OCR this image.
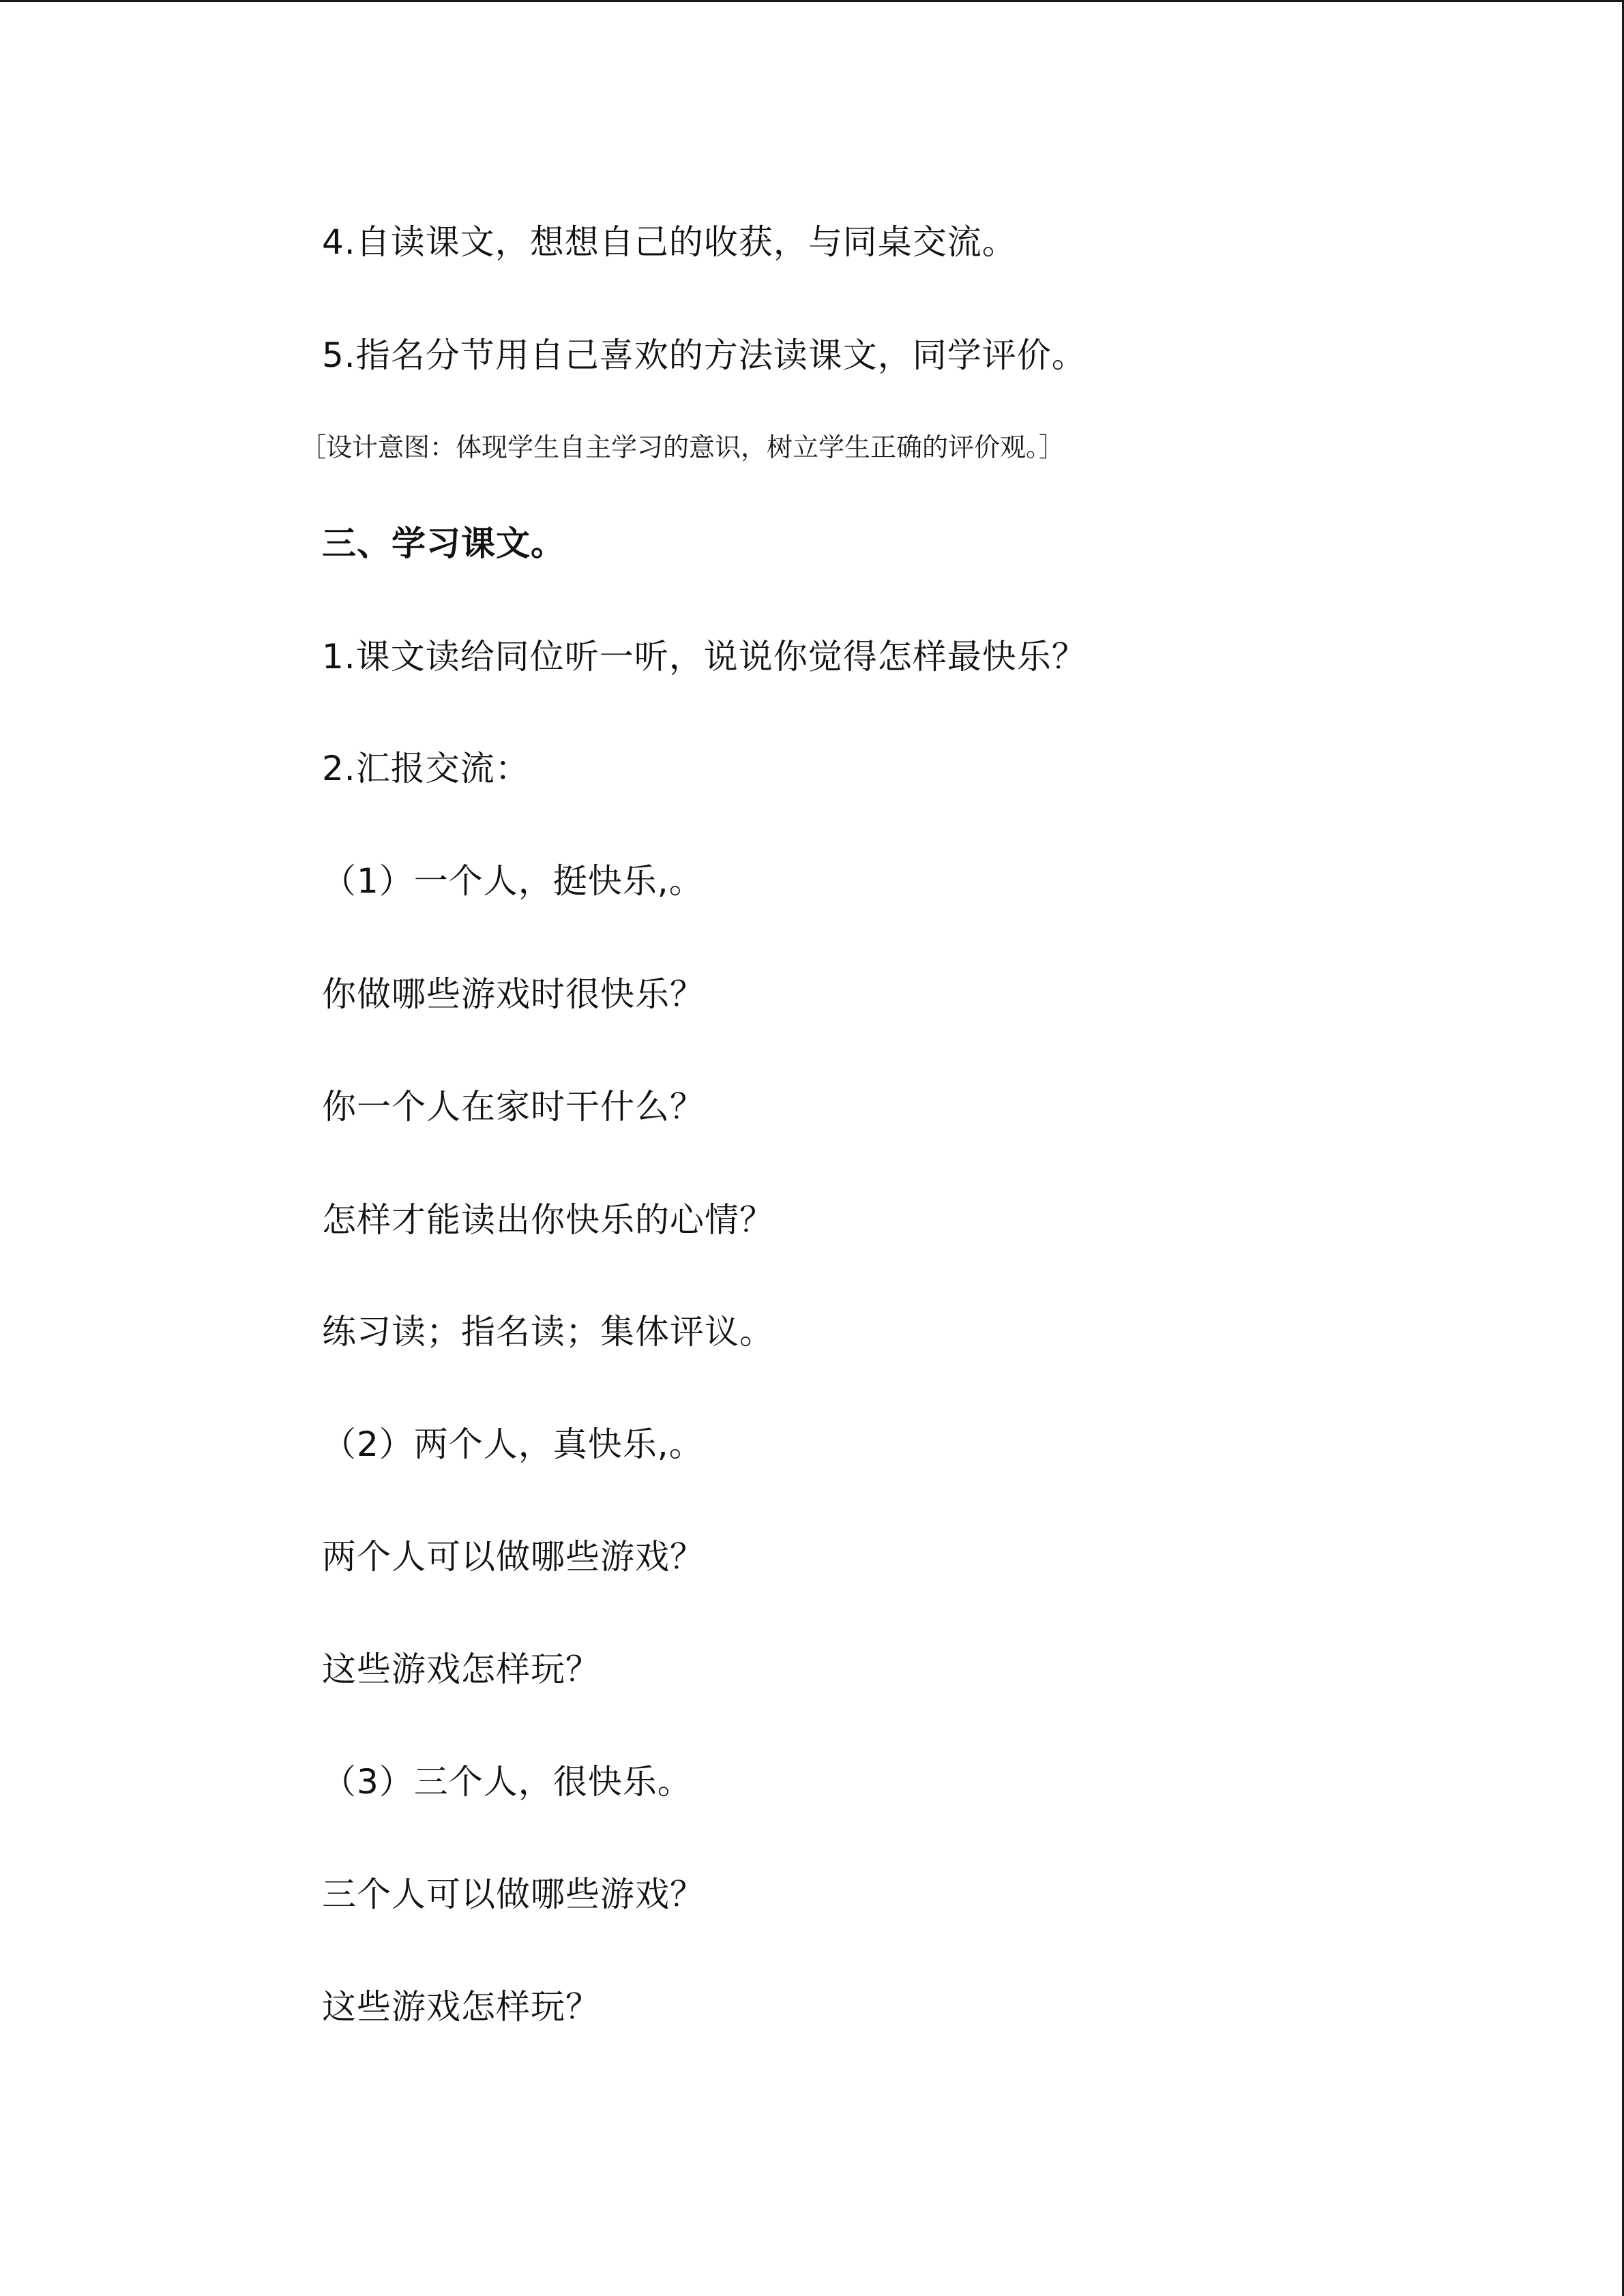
4.自读课文，想想自己的收获，与同桌交流。
5.指名分节用自己喜欢的方法读课文，同学评价。
［设计意图：体现学生自主学习的意识，树立学生正确的评价观。］
三、学习课文。
1.课文读给同位听一听，说说你觉得怎样最快乐？
2.汇报交流：
（1）一个人，挺快乐,。
你做哪些游戏时很快乐？
你一个人在家时干什么？
怎样才能读出你快乐的心情？
练习读；指名读；集体评议。
（2）两个人，真快乐,。
两个人可以做哪些游戏？
这些游戏怎样玩？
（3）三个人，很快乐。
三个人可以做哪些游戏？
这些游戏怎样玩？
